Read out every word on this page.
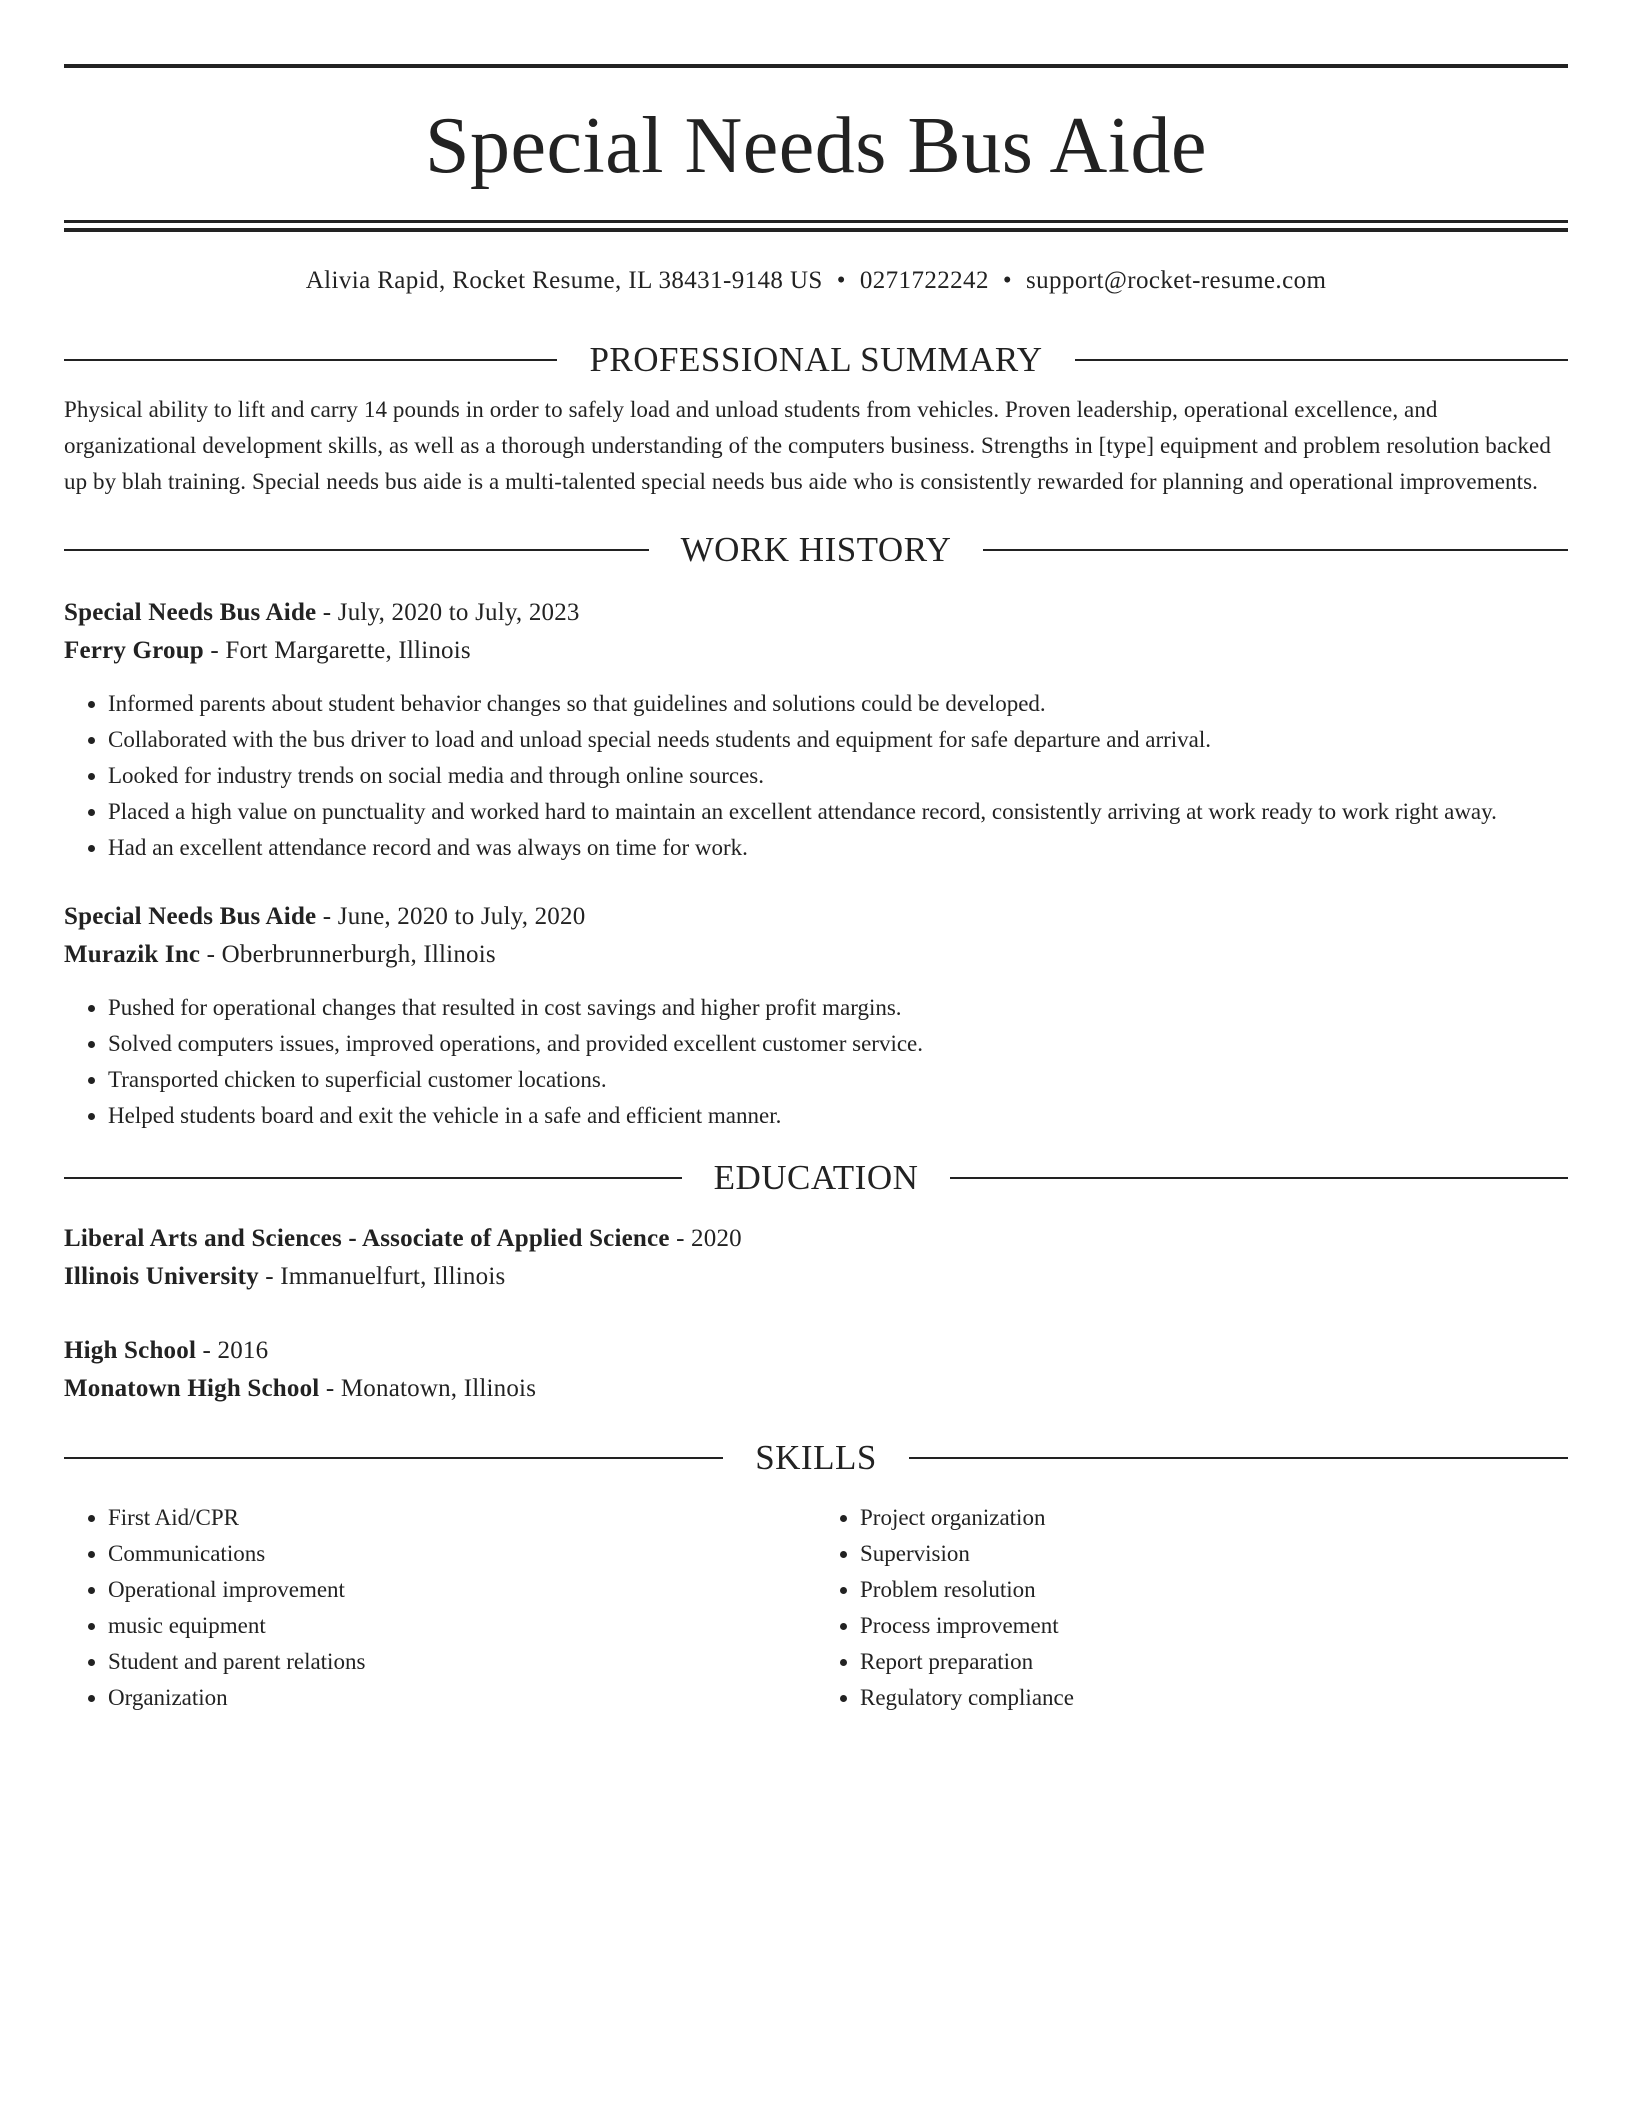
Special Needs Bus Aide
Alivia Rapid, Rocket Resume, IL 38431-9148 US • 0271722242 • support@rocket-resume.com
PROFESSIONAL SUMMARY
Physical ability to lift and carry 14 pounds in order to safely load and unload students from vehicles. Proven leadership, operational excellence, and organizational development skills, as well as a thorough understanding of the computers business. Strengths in [type] equipment and problem resolution backed up by blah training. Special needs bus aide is a multi-talented special needs bus aide who is consistently rewarded for planning and operational improvements.
WORK HISTORY
Special Needs Bus Aide - July, 2020 to July, 2023
Ferry Group - Fort Margarette, Illinois
• Informed parents about student behavior changes so that guidelines and solutions could be developed.
• Collaborated with the bus driver to load and unload special needs students and equipment for safe departure and arrival.
• Looked for industry trends on social media and through online sources.
• Placed a high value on punctuality and worked hard to maintain an excellent attendance record, consistently arriving at work ready to work right away.
• Had an excellent attendance record and was always on time for work.
Special Needs Bus Aide - June, 2020 to July, 2020
Murazik Inc - Oberbrunnerburgh, Illinois
• Pushed for operational changes that resulted in cost savings and higher profit margins.
• Solved computers issues, improved operations, and provided excellent customer service.
• Transported chicken to superficial customer locations.
• Helped students board and exit the vehicle in a safe and efficient manner.
EDUCATION
Liberal Arts and Sciences - Associate of Applied Science - 2020
Illinois University - Immanuelfurt, Illinois
High School - 2016
Monatown High School - Monatown, Illinois
SKILLS
• First Aid/CPR
• Communications
• Operational improvement
• music equipment
• Student and parent relations
• Organization
• Project organization
• Supervision
• Problem resolution
• Process improvement
• Report preparation
• Regulatory compliance
